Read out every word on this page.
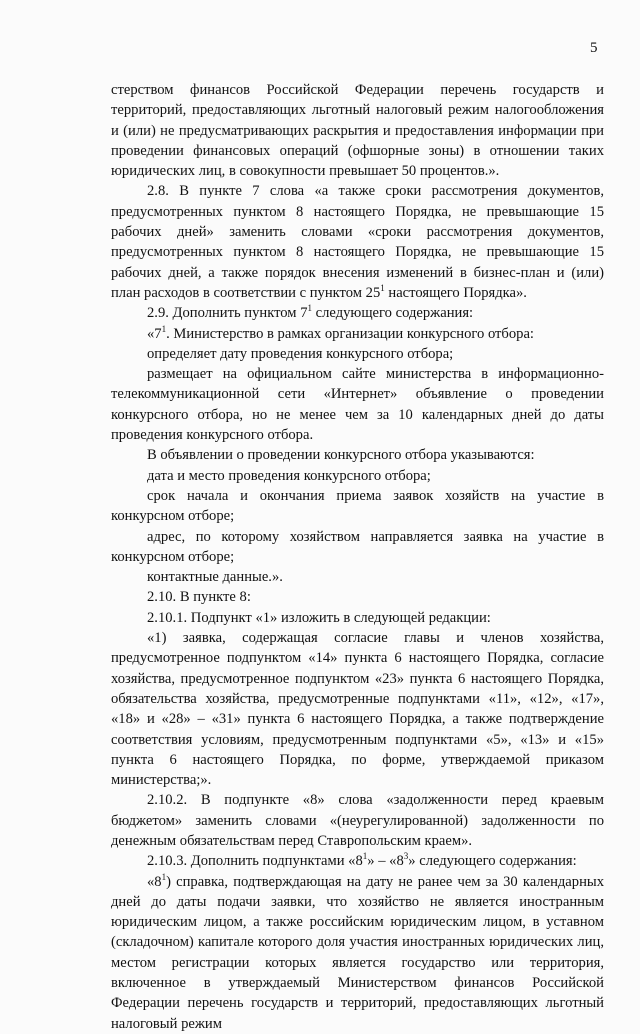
5

стерством финансов Российской Федерации перечень государств и территорий, предоставляющих льготный налоговый режим налогообложения и (или) не предусматривающих раскрытия и предоставления информации при проведении финансовых операций (офшорные зоны) в отношении таких юридических лиц, в совокупности превышает 50 процентов.».

2.8. В пункте 7 слова «а также сроки рассмотрения документов, предусмотренных пунктом 8 настоящего Порядка, не превышающие 15 рабочих дней» заменить словами «сроки рассмотрения документов, предусмотренных пунктом 8 настоящего Порядка, не превышающие 15 рабочих дней, а также порядок внесения изменений в бизнес-план и (или) план расходов в соответствии с пунктом $25^1$ настоящего Порядка».

2.9. Дополнить пунктом $7^1$ следующего содержания:

«$7^1$. Министерство в рамках организации конкурсного отбора:

определяет дату проведения конкурсного отбора;

размещает на официальном сайте министерства в информационно-телекоммуникационной сети «Интернет» объявление о проведении конкурсного отбора, но не менее чем за 10 календарных дней до даты проведения конкурсного отбора.

В объявлении о проведении конкурсного отбора указываются:

дата и место проведения конкурсного отбора;

срок начала и окончания приема заявок хозяйств на участие в конкурсном отборе;

адрес, по которому хозяйством направляется заявка на участие в конкурсном отборе;

контактные данные.».

2.10. В пункте 8:

2.10.1. Подпункт «1» изложить в следующей редакции:

«1) заявка, содержащая согласие главы и членов хозяйства, предусмотренное подпунктом «14» пункта 6 настоящего Порядка, согласие хозяйства, предусмотренное подпунктом «23» пункта 6 настоящего Порядка, обязательства хозяйства, предусмотренные подпунктами «11», «12», «17», «18» и «28» – «31» пункта 6 настоящего Порядка, а также подтверждение соответствия условиям, предусмотренным подпунктами «5», «13» и «15» пункта 6 настоящего Порядка, по форме, утверждаемой приказом министерства;».

2.10.2. В подпункте «8» слова «задолженности перед краевым бюджетом» заменить словами «(неурегулированной) задолженности по денежным обязательствам перед Ставропольским краем».

2.10.3. Дополнить подпунктами «$8^1$» – «$8^3$» следующего содержания:

«$8^1$) справка, подтверждающая на дату не ранее чем за 30 календарных дней до даты подачи заявки, что хозяйство не является иностранным юридическим лицом, а также российским юридическим лицом, в уставном (складочном) капитале которого доля участия иностранных юридических лиц, местом регистрации которых является государство или территория, включенное в утверждаемый Министерством финансов Российской Федерации перечень государств и территорий, предоставляющих льготный налоговый режим
